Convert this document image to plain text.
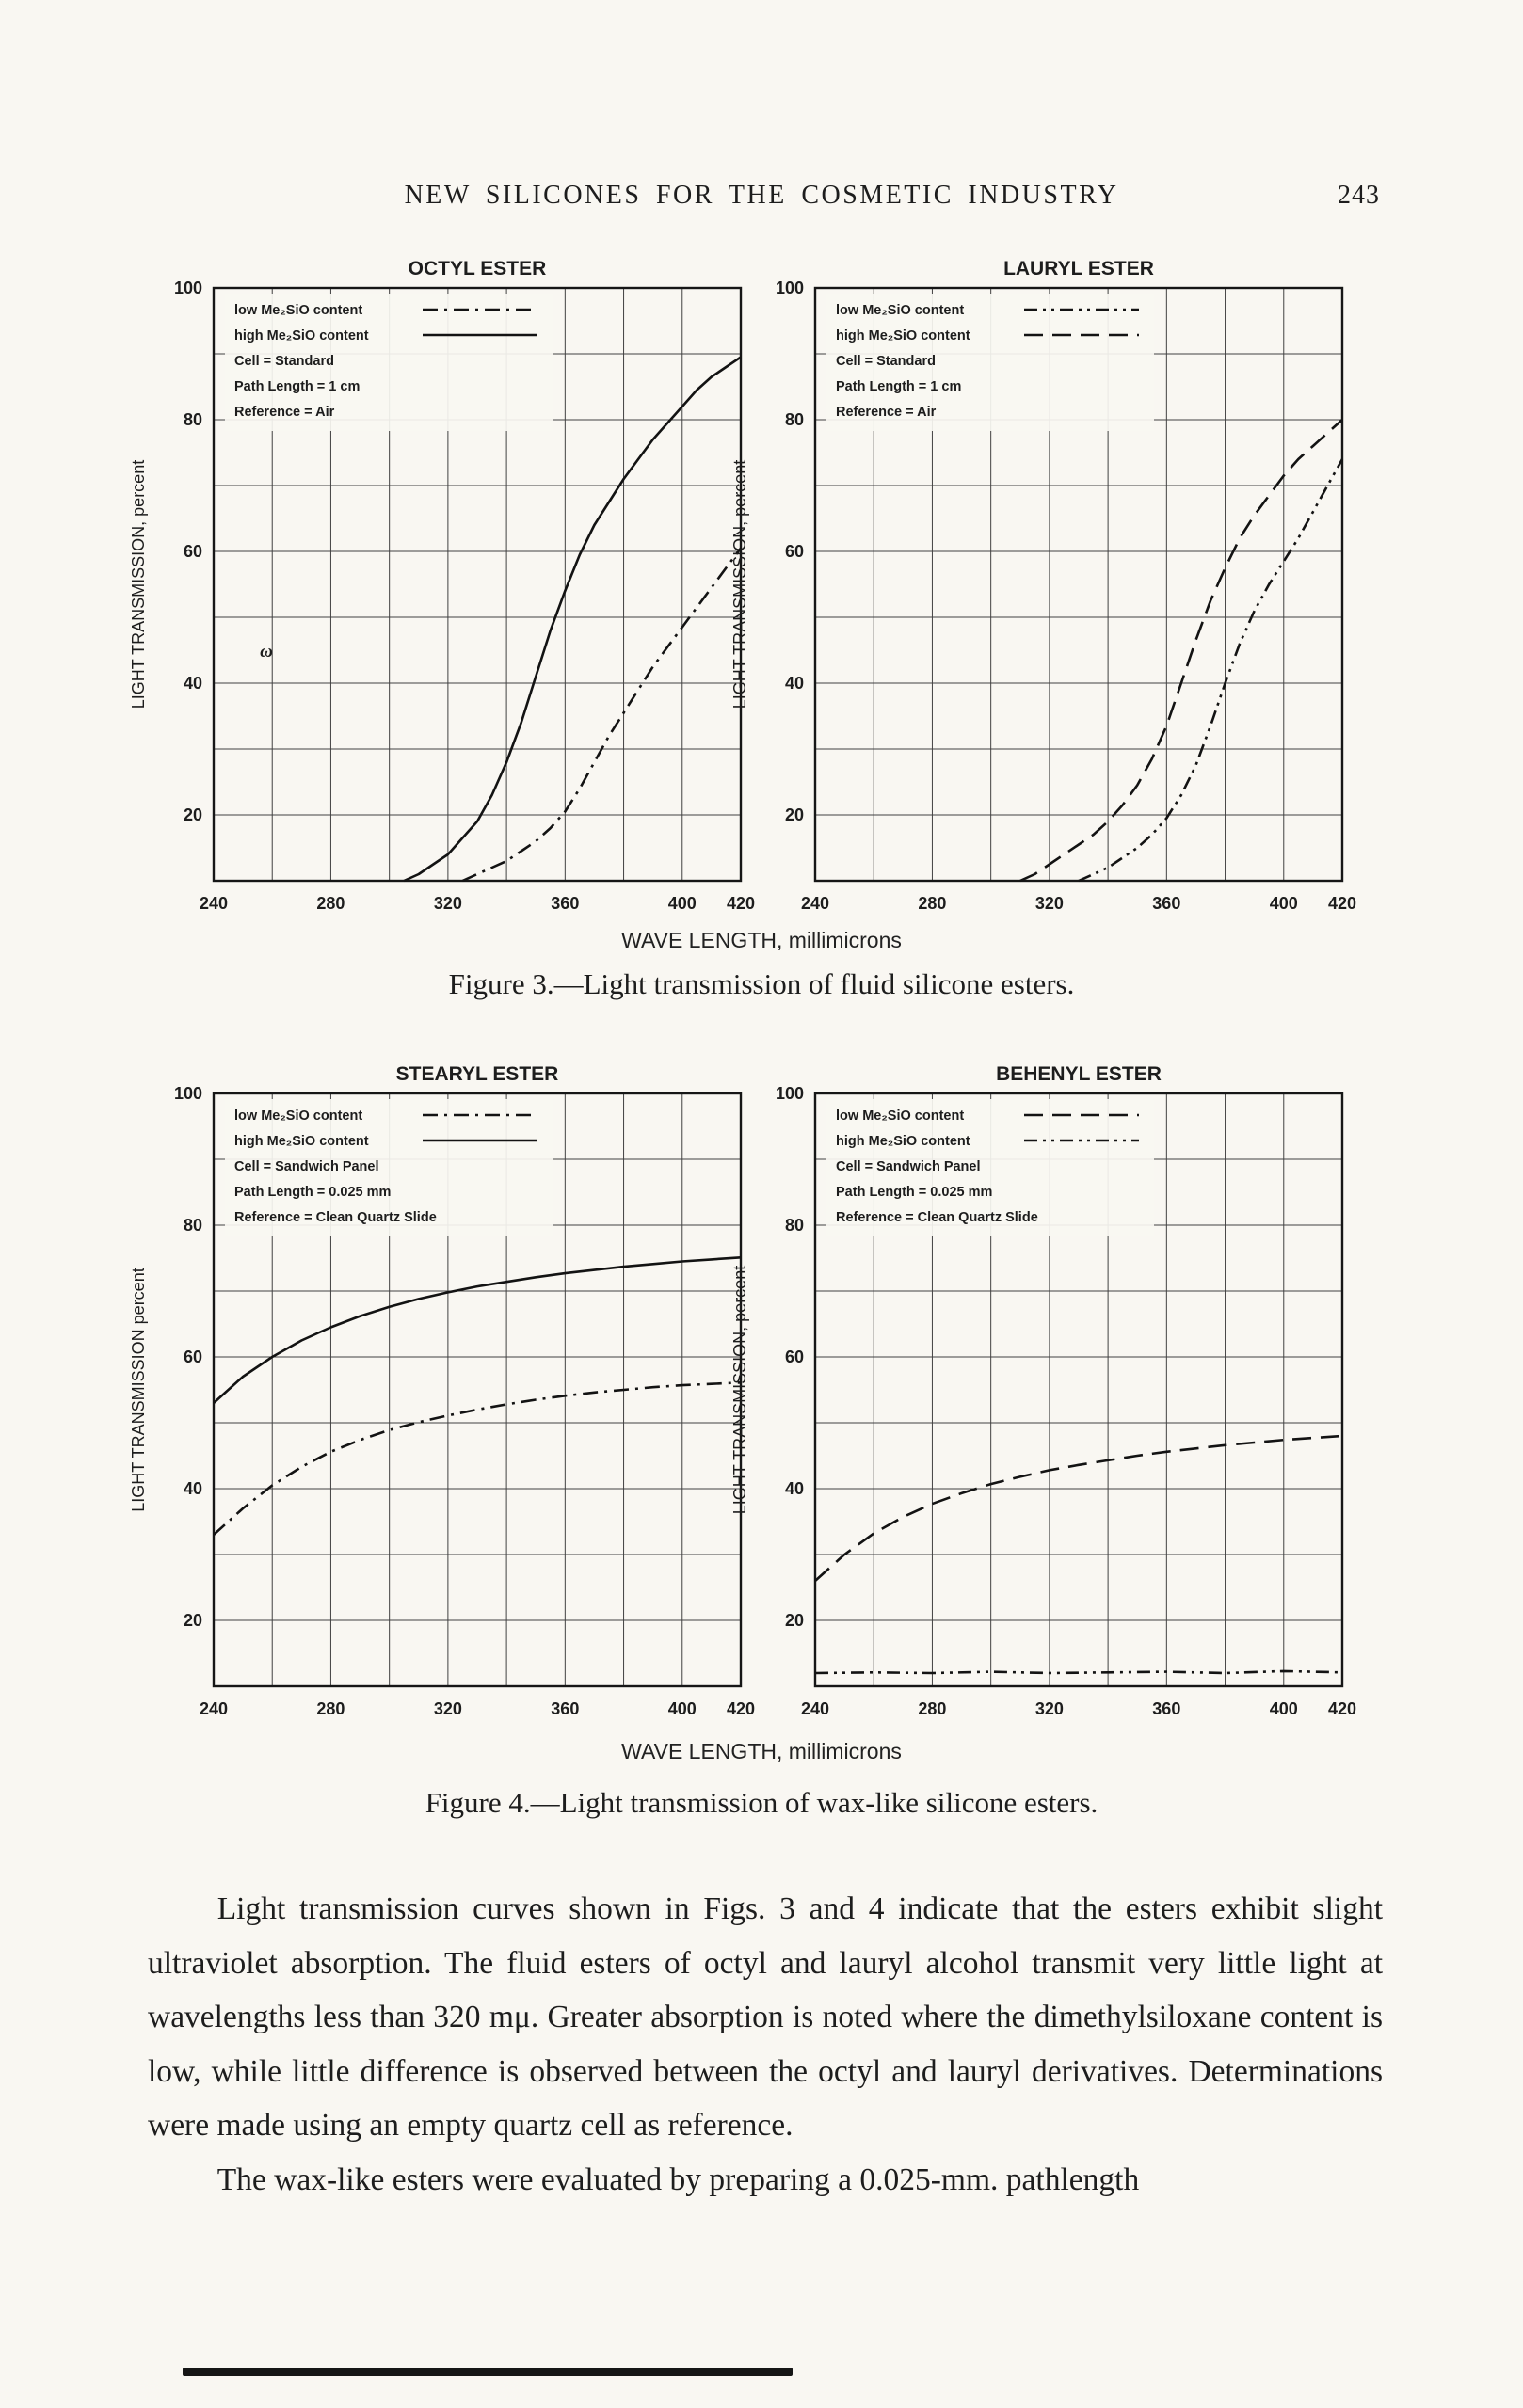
NEW SILICONES FOR THE COSMETIC INDUSTRY	243
OCTYL ESTER
low Me₂SiO content
high Me₂SiO content
Cell = Standard
Path Length = 1 cm
Reference = Air
240	280	320	360	400 420
20
40
60
80
100
LIGHT TRANSMISSION, percent	ω
LAURYL ESTER
low Me₂SiO content
high Me₂SiO content
Cell = Standard
Path Length = 1 cm
Reference = Air
240	280	320	360	400 420
20
40
60
80
100
LIGHT TRANSMISSION, percent
WAVE LENGTH, millimicrons
Figure 3.—Light transmission of fluid silicone esters.
STEARYL ESTER
low Me₂SiO content
high Me₂SiO content
Cell = Sandwich Panel
Path Length = 0.025 mm
Reference = Clean Quartz Slide
240	280	320	360	400 420
20
40
60
80
100
LIGHT TRANSMISSION percent
BEHENYL ESTER
low Me₂SiO content
high Me₂SiO content
Cell = Sandwich Panel
Path Length = 0.025 mm
Reference = Clean Quartz Slide
240	280	320	360	400 420
20
40
60
80
100
LIGHT TRANSMISSION, percent
WAVE LENGTH, millimicrons
Figure 4.—Light transmission of wax-like silicone esters.

Light transmission curves shown in Figs. 3 and 4 indicate that the esters exhibit slight ultraviolet absorption. The fluid esters of octyl and lauryl alcohol transmit very little light at wavelengths less than 320 mμ. Greater absorption is noted where the dimethylsiloxane content is low, while little difference is observed between the octyl and lauryl derivatives. Determinations were made using an empty quartz cell as reference.

The wax-like esters were evaluated by preparing a 0.025-mm. pathlength
